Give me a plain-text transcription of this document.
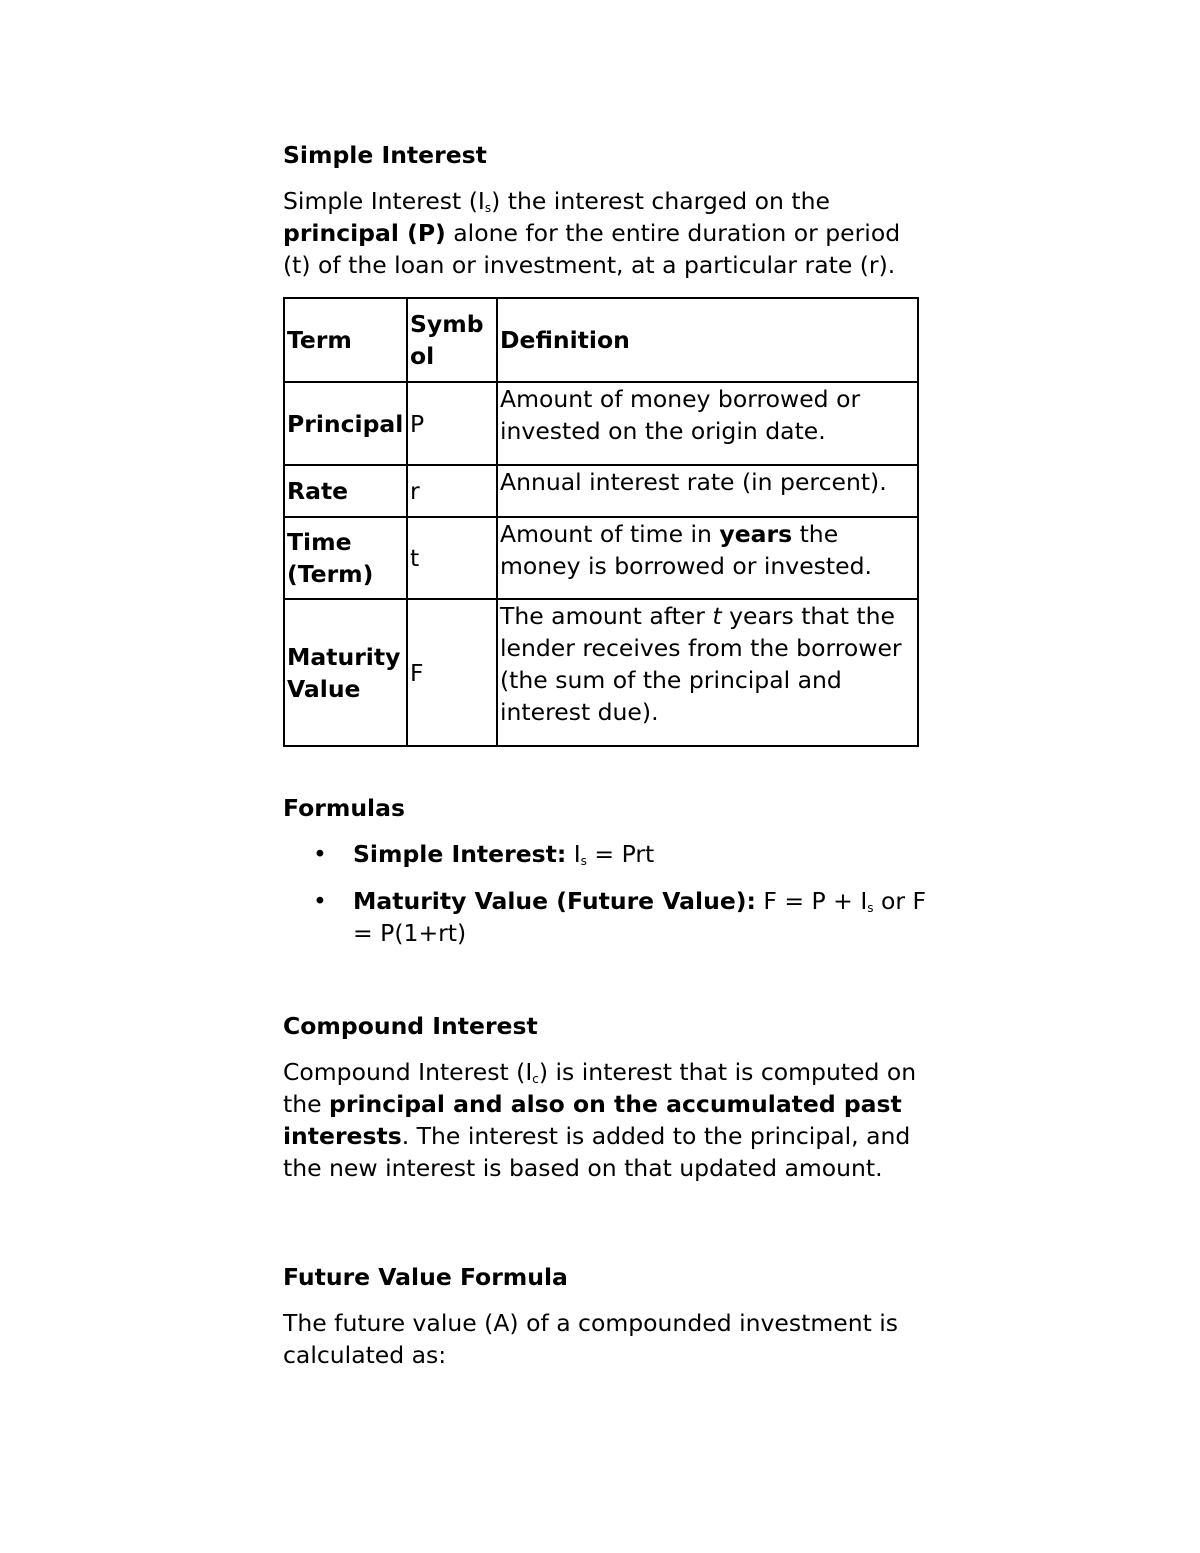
Simple Interest

Simple Interest $(I_s)$ the interest charged on the principal (P) alone for the entire duration or period (t) of the loan or investment, at a particular rate (r).

Term	Symb ol	Definition
Principal	P	Amount of money borrowed or invested on the origin date.
Rate	r	Annual interest rate (in percent).
Time (Term)	t	Amount of time in years the money is borrowed or invested.
Maturity Value	F	The amount after t years that the lender receives from the borrower (the sum of the principal and interest due).
Formulas
• Simple Interest: $I_s$ = Prt
• Maturity Value (Future Value): $F = P + I_s$ or F = P(1+rt)
Compound Interest

Compound Interest $(I_c)$ is interest that is computed on the principal and also on the accumulated past interests. The interest is added to the principal, and the new interest is based on that updated amount.

Future Value Formula

The future value (A) of a compounded investment is calculated as:
